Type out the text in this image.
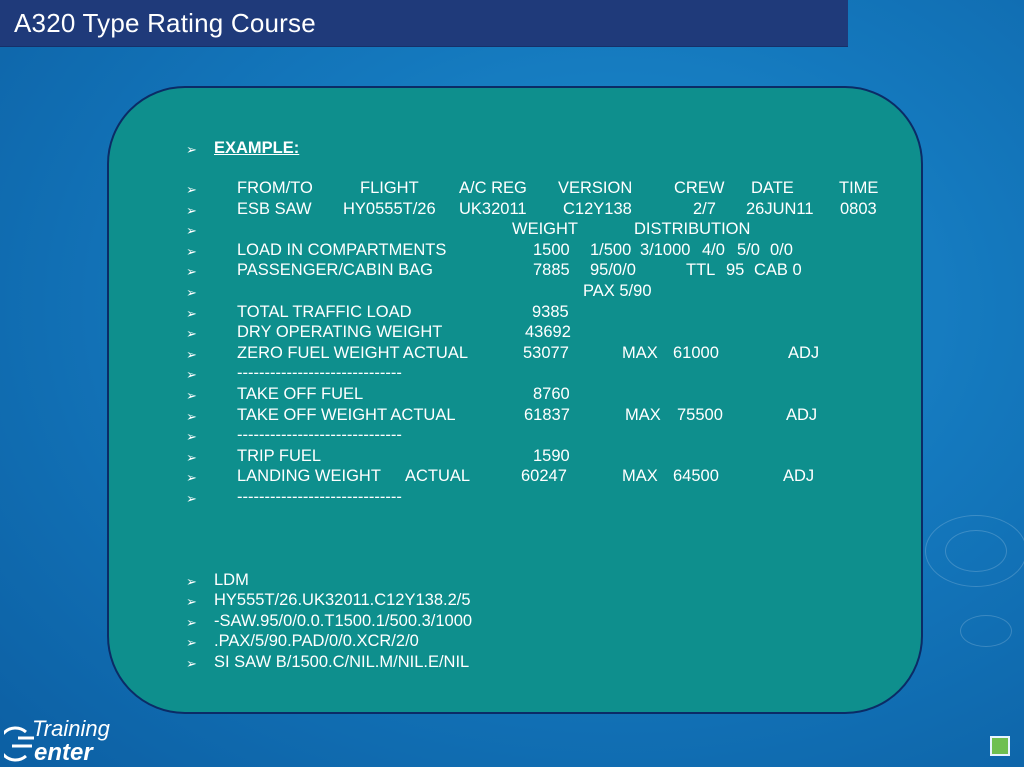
A320 Type Rating Course
➢ EXAMPLE:
➢ FROM/TO	FLIGHT A/C REG VERSION	CREW DATE	TIME
➢ ESB SAW HY0555T/26 UK32011 C12Y138	2/7 26JUN11 0803
➢	WEIGHT	DISTRIBUTION
➢ LOAD IN COMPARTMENTS	1500 1/500 3/1000 4/0 5/0 0/0
➢ PASSENGER/CABIN BAG	7885 95/0/0	TTL 95 CAB 0
➢	PAX 5/90
➢ TOTAL TRAFFIC LOAD	9385
➢ DRY OPERATING WEIGHT	43692
➢ ZERO FUEL WEIGHT ACTUAL	53077	MAX 61000	ADJ
➢ ------------------------------
➢ TAKE OFF FUEL	8760
➢ TAKE OFF WEIGHT ACTUAL	61837	MAX 75500	ADJ
➢ ------------------------------
➢ TRIP FUEL	1590
➢ LANDING WEIGHT ACTUAL	60247	MAX 64500	ADJ
➢ ------------------------------
➢ LDM
➢ HY555T/26.UK32011.C12Y138.2/5
➢ -SAW.95/0/0.0.T1500.1/500.3/1000
➢ .PAX/5/90.PAD/0/0.XCR/2/0
➢ SI SAW B/1500.C/NIL.M/NIL.E/NIL
Training
enter
